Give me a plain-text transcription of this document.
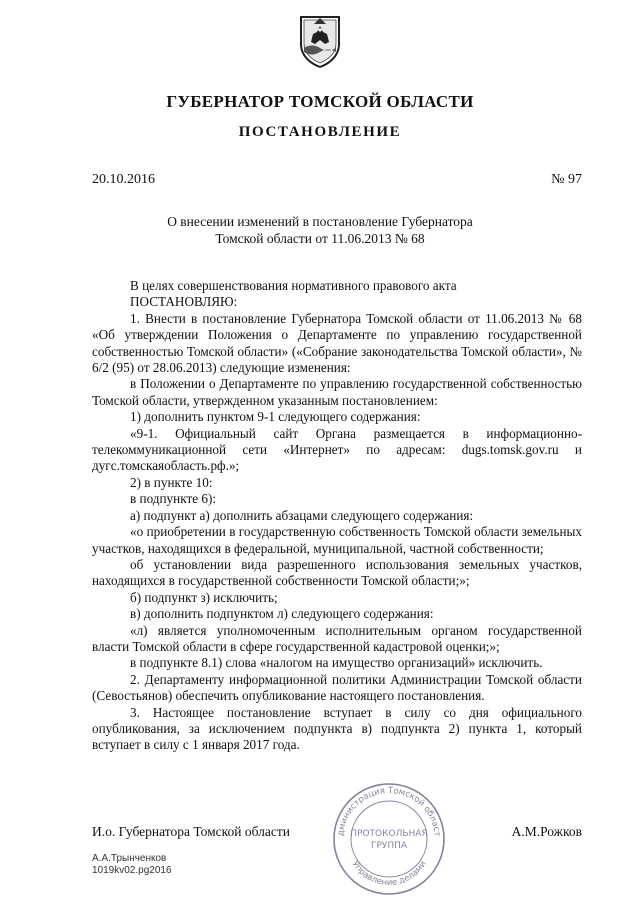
ГУБЕРНАТОР ТОМСКОЙ ОБЛАСТИ
ПОСТАНОВЛЕНИЕ
20.10.2016	№ 97
О внесении изменений в постановление Губернатора
Томской области от 11.06.2013 № 68

В целях совершенствования нормативного правового акта

ПОСТАНОВЛЯЮ:

1. Внести в постановление Губернатора Томской области от 11.06.2013 № 68 «Об утверждении Положения о Департаменте по управлению государственной собственностью Томской области» («Собрание законодательства Томской области», № 6/2 (95) от 28.06.2013) следующие изменения:

в Положении о Департаменте по управлению государственной собственностью Томской области, утвержденном указанным постановлением:

1) дополнить пунктом 9-1 следующего содержания:

«9-1. Официальный сайт Органа размещается в информационно-телекоммуникационной сети «Интернет» по адресам: dugs.tomsk.gov.ru и дугс.томскаяобласть.рф.»;

2) в пункте 10:

в подпункте 6):

а) подпункт а) дополнить абзацами следующего содержания:

«о приобретении в государственную собственность Томской области земельных участков, находящихся в федеральной, муниципальной, частной собственности;

об установлении вида разрешенного использования земельных участков, находящихся в государственной собственности Томской области;»;

б) подпункт з) исключить;

в) дополнить подпунктом л) следующего содержания:

«л) является уполномоченным исполнительным органом государственной власти Томской области в сфере государственной кадастровой оценки;»;

в подпункте 8.1) слова «налогом на имущество организаций» исключить.

2. Департаменту информационной политики Администрации Томской области (Севостьянов) обеспечить опубликование настоящего постановления.

3. Настоящее постановление вступает в силу со дня официального опубликования, за исключением подпункта в) подпункта 2) пункта 1, который вступает в силу с 1 января 2017 года.

И.о. Губернатора Томской области	А.М.Рожков
дминистрация Томской област
Управление делами
ПРОТОКОЛЬНАЯ
ГРУППА
А.А.Трынченков
1019kv02.pg2016
